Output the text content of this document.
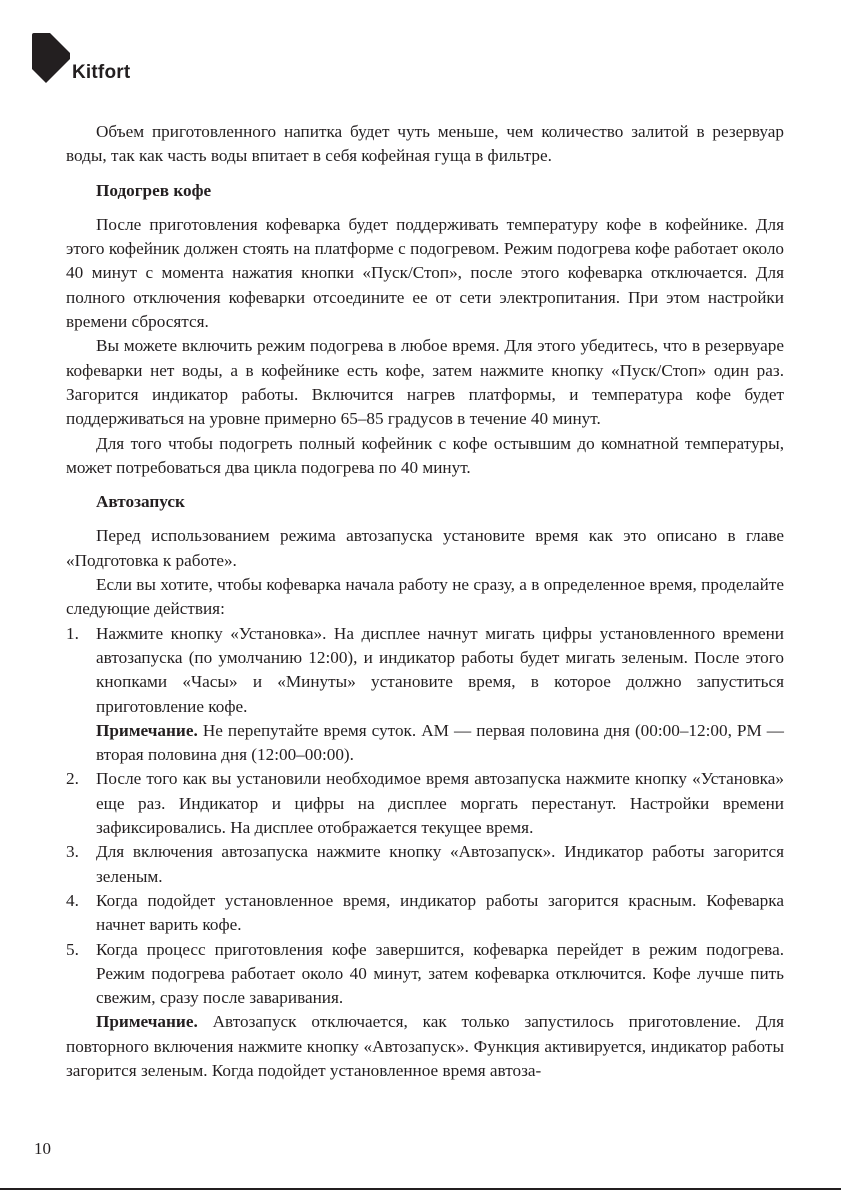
Kitfort

Объем приготовленного напитка будет чуть меньше, чем количество залитой в резервуар воды, так как часть воды впитает в себя кофейная гуща в фильтре.

Подогрев кофе

После приготовления кофеварка будет поддерживать температуру кофе в кофейнике. Для этого кофейник должен стоять на платформе с подогревом. Режим подогрева кофе работает около 40 минут с момента нажатия кнопки «Пуск/Стоп», после этого кофеварка отключается. Для полного отключения кофеварки отсоедините ее от сети электропитания. При этом настройки времени сбросятся.

Вы можете включить режим подогрева в любое время. Для этого убедитесь, что в резервуаре кофеварки нет воды, а в кофейнике есть кофе, затем нажмите кнопку «Пуск/Стоп» один раз. Загорится индикатор работы. Включится нагрев платформы, и температура кофе будет поддерживаться на уровне примерно 65–85 градусов в течение 40 минут.

Для того чтобы подогреть полный кофейник с кофе остывшим до комнатной температуры, может потребоваться два цикла подогрева по 40 минут.

Автозапуск

Перед использованием режима автозапуска установите время как это описано в главе «Подготовка к работе».

Если вы хотите, чтобы кофеварка начала работу не сразу, а в определенное время, проделайте следующие действия:

1. Нажмите кнопку «Установка». На дисплее начнут мигать цифры установленного времени автозапуска (по умолчанию 12:00), и индикатор работы будет мигать зеленым. После этого кнопками «Часы» и «Минуты» установите время, в которое должно запуститься приготовление кофе.
Примечание. Не перепутайте время суток. AM — первая половина дня (00:00–12:00, PM — вторая половина дня (12:00–00:00).
2. После того как вы установили необходимое время автозапуска нажмите кнопку «Установка» еще раз. Индикатор и цифры на дисплее моргать перестанут. Настройки времени зафиксировались. На дисплее отображается текущее время.
3. Для включения автозапуска нажмите кнопку «Автозапуск». Индикатор работы загорится зеленым.
4. Когда подойдет установленное время, индикатор работы загорится красным. Кофеварка начнет варить кофе.
5. Когда процесс приготовления кофе завершится, кофеварка перейдет в режим подогрева. Режим подогрева работает около 40 минут, затем кофеварка отключится. Кофе лучше пить свежим, сразу после заваривания.

Примечание. Автозапуск отключается, как только запустилось приготовление. Для повторного включения нажмите кнопку «Автозапуск». Функция активируется, индикатор работы загорится зеленым. Когда подойдет установленное время автоза-

10
